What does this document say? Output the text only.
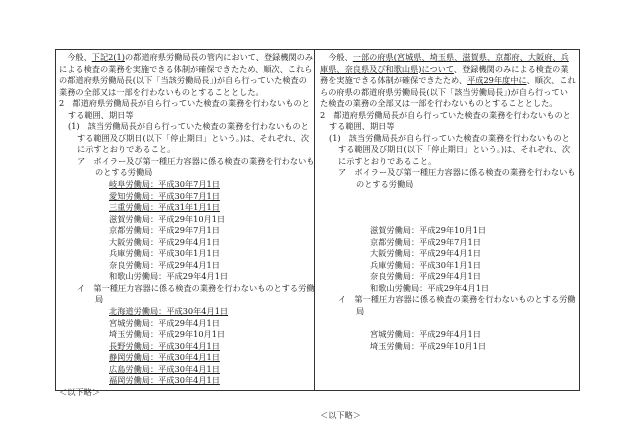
　今般、下記2(1)の都道府県労働局長の管内において、登録機関のみ
による検査の業務を実施できる体制が確保できたため、順次、これら
の都道府県労働局長(以下「当該労働局長」)が自ら行っていた検査の
業務の全部又は一部を行わないものとすることとした。
2　都道府県労働局長が自ら行っていた検査の業務を行わないものと
する範囲、期日等
(1)　該当労働局長が自ら行っていた検査の業務を行わないものと
する範囲及び期日(以下「停止期日」という。)は、それぞれ、次
に示すとおりであること。
ア　ボイラー及び第一種圧力容器に係る検査の業務を行わないも
のとする労働局
岐阜労働局：平成30年7月1日
愛知労働局：平成30年7月1日
三重労働局：平成31年1月1日
滋賀労働局：平成29年10月1日
京都労働局：平成29年7月1日
大阪労働局：平成29年4月1日
兵庫労働局：平成30年1月1日
奈良労働局：平成29年4月1日
和歌山労働局：平成29年4月1日
イ　第一種圧力容器に係る検査の業務を行わないものとする労働
局
北海道労働局：平成30年4月1日
宮城労働局：平成29年4月1日
埼玉労働局：平成29年10月1日
長野労働局：平成30年4月1日
静岡労働局：平成30年4月1日
広島労働局：平成30年4月1日
福岡労働局：平成30年4月1日
＜以下略＞
　今般、一部の府県(宮城県、埼玉県、滋賀県、京都府、大阪府、兵
庫県、奈良県及び和歌山県)について、登録機関のみによる検査の業
務を実施できる体制が確保できたため、平成29年度中に、順次、これ
らの府県の都道府県労働局長(以下「該当労働局長」)が自ら行ってい
た検査の業務の全部又は一部を行わないものとすることとした。
2　都道府県労働局長が自ら行っていた検査の業務を行わないものと
する範囲、期日等
(1)　該当労働局長が自ら行っていた検査の業務を行わないものと
する範囲及び期日(以下「停止期日」という。)は、それぞれ、次
に示すとおりであること。
ア　ボイラー及び第一種圧力容器に係る検査の業務を行わないも
のとする労働局
滋賀労働局：平成29年10月1日
京都労働局：平成29年7月1日
大阪労働局：平成29年4月1日
兵庫労働局：平成30年1月1日
奈良労働局：平成29年4月1日
和歌山労働局：平成29年4月1日
イ　第一種圧力容器に係る検査の業務を行わないものとする労働
局
宮城労働局：平成29年4月1日
埼玉労働局：平成29年10月1日
＜以下略＞
